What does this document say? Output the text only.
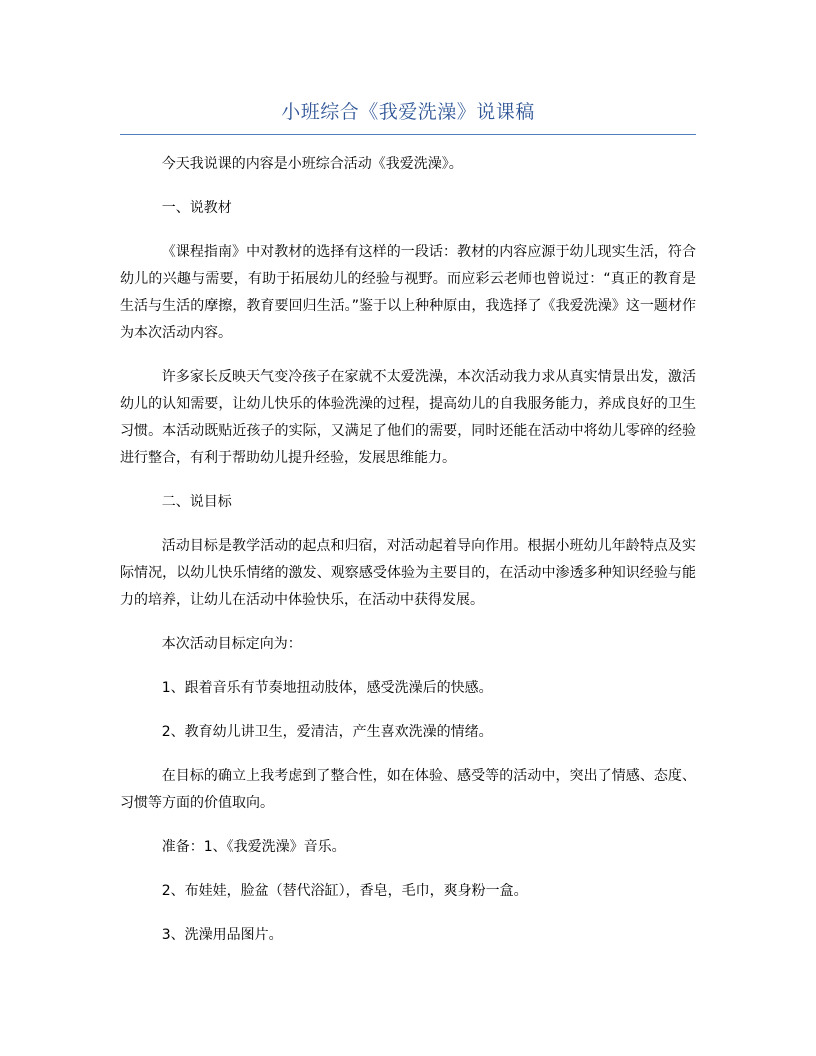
小班综合《我爱洗澡》说课稿

今天我说课的内容是小班综合活动《我爱洗澡》。

一、说教材

《课程指南》中对教材的选择有这样的一段话：教材的内容应源于幼儿现实生活，符合幼儿的兴趣与需要，有助于拓展幼儿的经验与视野。而应彩云老师也曾说过：“真正的教育是生活与生活的摩擦，教育要回归生活。”鉴于以上种种原由，我选择了《我爱洗澡》这一题材作为本次活动内容。

许多家长反映天气变冷孩子在家就不太爱洗澡，本次活动我力求从真实情景出发，激活幼儿的认知需要，让幼儿快乐的体验洗澡的过程，提高幼儿的自我服务能力，养成良好的卫生习惯。本活动既贴近孩子的实际，又满足了他们的需要，同时还能在活动中将幼儿零碎的经验进行整合，有利于帮助幼儿提升经验，发展思维能力。

二、说目标

活动目标是教学活动的起点和归宿，对活动起着导向作用。根据小班幼儿年龄特点及实际情况，以幼儿快乐情绪的激发、观察感受体验为主要目的，在活动中渗透多种知识经验与能力的培养，让幼儿在活动中体验快乐，在活动中获得发展。

本次活动目标定向为：

1、跟着音乐有节奏地扭动肢体，感受洗澡后的快感。

2、教育幼儿讲卫生，爱清洁，产生喜欢洗澡的情绪。

在目标的确立上我考虑到了整合性，如在体验、感受等的活动中，突出了情感、态度、习惯等方面的价值取向。

准备：1、《我爱洗澡》音乐。

2、布娃娃，脸盆（替代浴缸），香皂，毛巾，爽身粉一盒。

3、洗澡用品图片。
